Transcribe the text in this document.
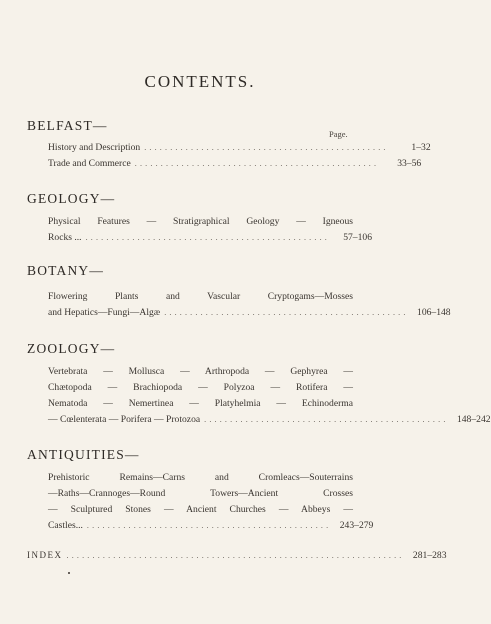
CONTENTS.
BELFAST—
Page.
History and Description ...............................................	1–32
Trade and Commerce ...............................................	33–56
GEOLOGY—
Physical Features — Stratigraphical Geology — Igneous
Rocks ... ...............................................	57–106
BOTANY—
Flowering Plants and Vascular Cryptogams—Mosses
and Hepatics—Fungi—Algæ ............................................... 106–148
ZOOLOGY—
Vertebrata — Mollusca — Arthropoda — Gephyrea —
Chætopoda — Brachiopoda — Polyzoa — Rotifera —
Nematoda — Nemertinea — Platyhelmia — Echinoderma
— Cœlenterata — Porifera — Protozoa ............................................... 148–242
ANTIQUITIES—
Prehistoric Remains—Carns and Cromleacs—Souterrains
—Raths—Crannoges—Round Towers—Ancient Crosses
— Sculptured Stones — Ancient Churches — Abbeys —
Castles... ............................................... 243–279
INDEX ................................................................. 281–283
